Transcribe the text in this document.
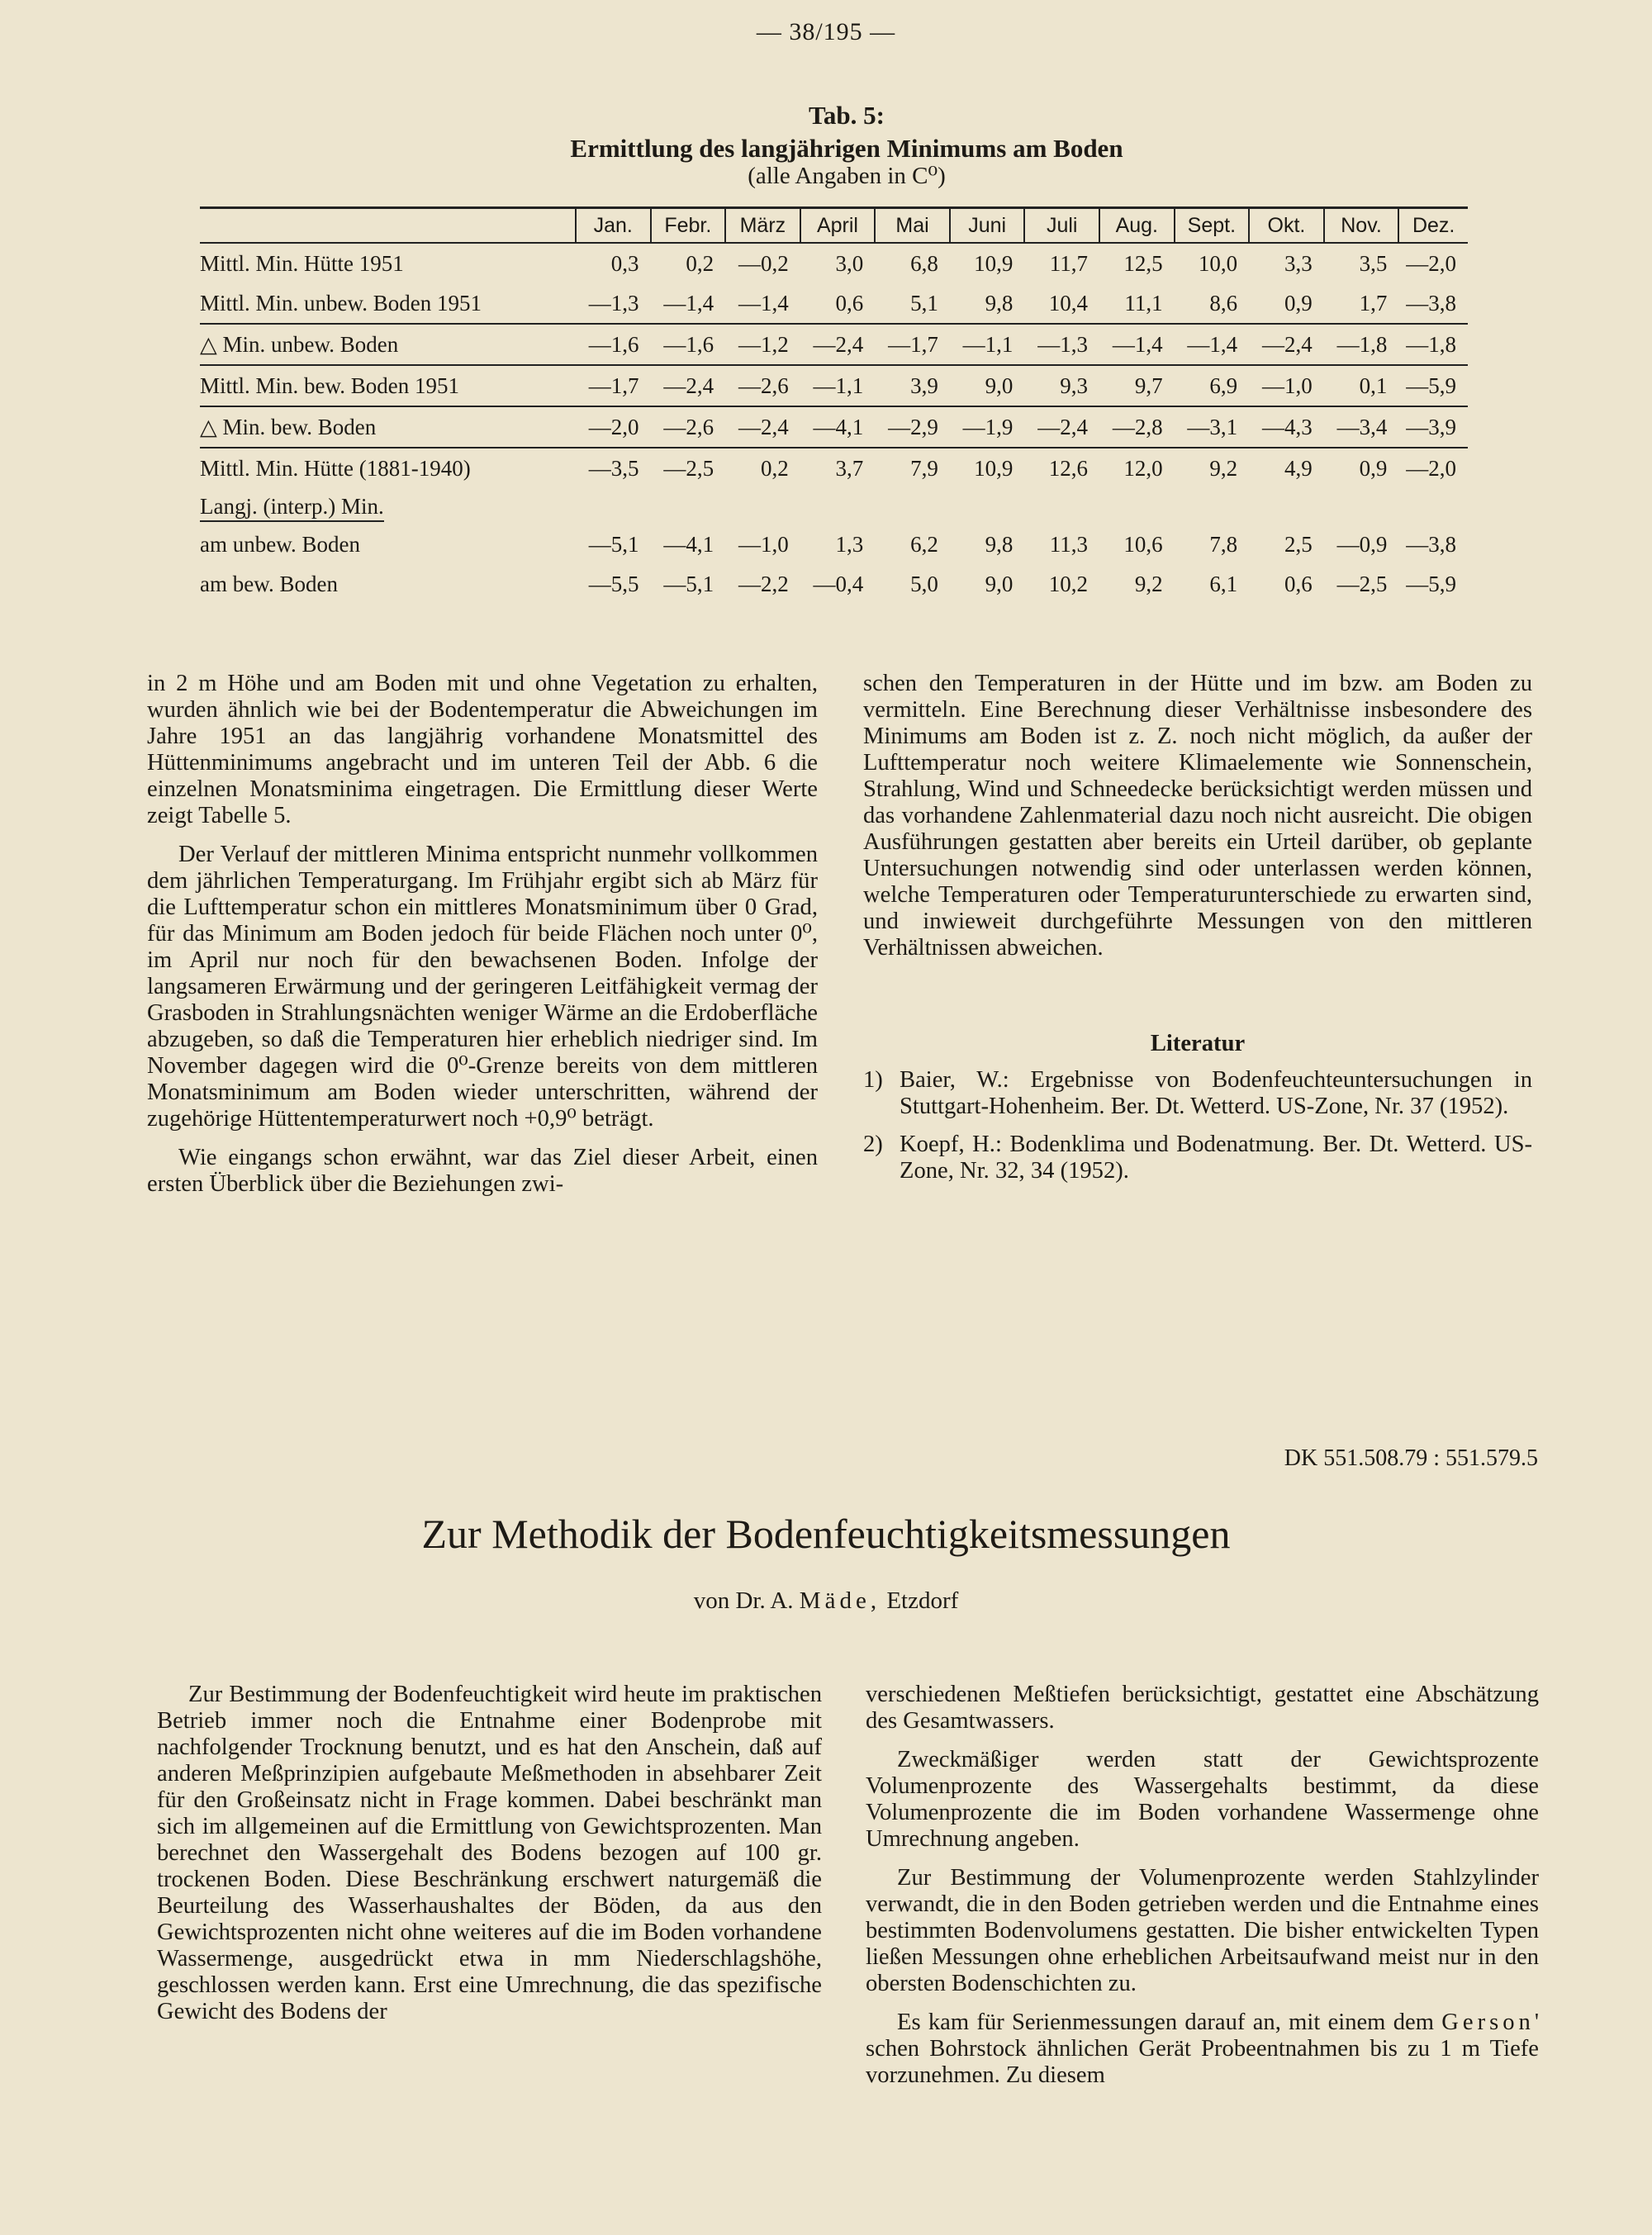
— 38/195 —
Tab. 5:
Ermittlung des langjährigen Minimums am Boden
(alle Angaben in C⁰)
	Jan.	Febr.	März	April	Mai	Juni	Juli	Aug.	Sept.	Okt.	Nov.	Dez.
Mittl. Min. Hütte 1951	0,3	0,2	—0,2	3,0	6,8	10,9	11,7	12,5	10,0	3,3	3,5	—2,0
Mittl. Min. unbew. Boden 1951	—1,3	—1,4	—1,4	0,6	5,1	9,8	10,4	11,1	8,6	0,9	1,7	—3,8
△ Min. unbew. Boden	—1,6	—1,6	—1,2	—2,4	—1,7	—1,1	—1,3	—1,4	—1,4	—2,4	—1,8	—1,8
Mittl. Min. bew. Boden 1951	—1,7	—2,4	—2,6	—1,1	3,9	9,0	9,3	9,7	6,9	—1,0	0,1	—5,9
△ Min. bew. Boden	—2,0	—2,6	—2,4	—4,1	—2,9	—1,9	—2,4	—2,8	—3,1	—4,3	—3,4	—3,9
Mittl. Min. Hütte (1881-1940)	—3,5	—2,5	0,2	3,7	7,9	10,9	12,6	12,0	9,2	4,9	0,9	—2,0
Langj. (interp.) Min.												
am unbew. Boden	—5,1	—4,1	—1,0	1,3	6,2	9,8	11,3	10,6	7,8	2,5	—0,9	—3,8
am bew. Boden	—5,5	—5,1	—2,2	—0,4	5,0	9,0	10,2	9,2	6,1	0,6	—2,5	—5,9

in 2 m Höhe und am Boden mit und ohne Vegetation zu erhalten, wurden ähnlich wie bei der Bodentemperatur die Abweichungen im Jahre 1951 an das langjährig vorhandene Monatsmittel des Hüttenminimums angebracht und im unteren Teil der Abb. 6 die einzelnen Monatsminima eingetragen. Die Ermittlung dieser Werte zeigt Tabelle 5.

Der Verlauf der mittleren Minima entspricht nunmehr vollkommen dem jährlichen Temperaturgang. Im Frühjahr ergibt sich ab März für die Lufttemperatur schon ein mittleres Monatsminimum über 0 Grad, für das Minimum am Boden jedoch für beide Flächen noch unter 0⁰, im April nur noch für den bewachsenen Boden. Infolge der langsameren Erwärmung und der geringeren Leitfähigkeit vermag der Grasboden in Strahlungsnächten weniger Wärme an die Erdoberfläche abzugeben, so daß die Temperaturen hier erheblich niedriger sind. Im November dagegen wird die 0⁰-Grenze bereits von dem mittleren Monatsminimum am Boden wieder unterschritten, während der zugehörige Hüttentemperaturwert noch +0,9⁰ beträgt.

Wie eingangs schon erwähnt, war das Ziel dieser Arbeit, einen ersten Überblick über die Beziehungen zwi-

schen den Temperaturen in der Hütte und im bzw. am Boden zu vermitteln. Eine Berechnung dieser Verhältnisse insbesondere des Minimums am Boden ist z. Z. noch nicht möglich, da außer der Lufttemperatur noch weitere Klimaelemente wie Sonnenschein, Strahlung, Wind und Schneedecke berücksichtigt werden müssen und das vorhandene Zahlenmaterial dazu noch nicht ausreicht. Die obigen Ausführungen gestatten aber bereits ein Urteil darüber, ob geplante Untersuchungen notwendig sind oder unterlassen werden können, welche Temperaturen oder Temperaturunterschiede zu erwarten sind, und inwieweit durchgeführte Messungen von den mittleren Verhältnissen abweichen.

Literatur

1) Baier, W.: Ergebnisse von Bodenfeuchteuntersuchungen in Stuttgart-Hohenheim. Ber. Dt. Wetterd. US-Zone, Nr. 37 (1952).

2) Koepf, H.: Bodenklima und Bodenatmung. Ber. Dt. Wetterd. US-Zone, Nr. 32, 34 (1952).

DK 551.508.79 : 551.579.5
Zur Methodik der Bodenfeuchtigkeitsmessungen
von Dr. A. Mäde, Etzdorf

Zur Bestimmung der Bodenfeuchtigkeit wird heute im praktischen Betrieb immer noch die Entnahme einer Bodenprobe mit nachfolgender Trocknung benutzt, und es hat den Anschein, daß auf anderen Meßprinzipien aufgebaute Meßmethoden in absehbarer Zeit für den Großeinsatz nicht in Frage kommen. Dabei beschränkt man sich im allgemeinen auf die Ermittlung von Gewichtsprozenten. Man berechnet den Wassergehalt des Bodens bezogen auf 100 gr. trockenen Boden. Diese Beschränkung erschwert naturgemäß die Beurteilung des Wasserhaushaltes der Böden, da aus den Gewichtsprozenten nicht ohne weiteres auf die im Boden vorhandene Wassermenge, ausgedrückt etwa in mm Niederschlagshöhe, geschlossen werden kann. Erst eine Umrechnung, die das spezifische Gewicht des Bodens der

verschiedenen Meßtiefen berücksichtigt, gestattet eine Abschätzung des Gesamtwassers.

Zweckmäßiger werden statt der Gewichtsprozente Volumenprozente des Wassergehalts bestimmt, da diese Volumenprozente die im Boden vorhandene Wassermenge ohne Umrechnung angeben.

Zur Bestimmung der Volumenprozente werden Stahlzylinder verwandt, die in den Boden getrieben werden und die Entnahme eines bestimmten Bodenvolumens gestatten. Die bisher entwickelten Typen ließen Messungen ohne erheblichen Arbeitsaufwand meist nur in den obersten Bodenschichten zu.

Es kam für Serienmessungen darauf an, mit einem dem Gerson' schen Bohrstock ähnlichen Gerät Probeentnahmen bis zu 1 m Tiefe vorzunehmen. Zu diesem
